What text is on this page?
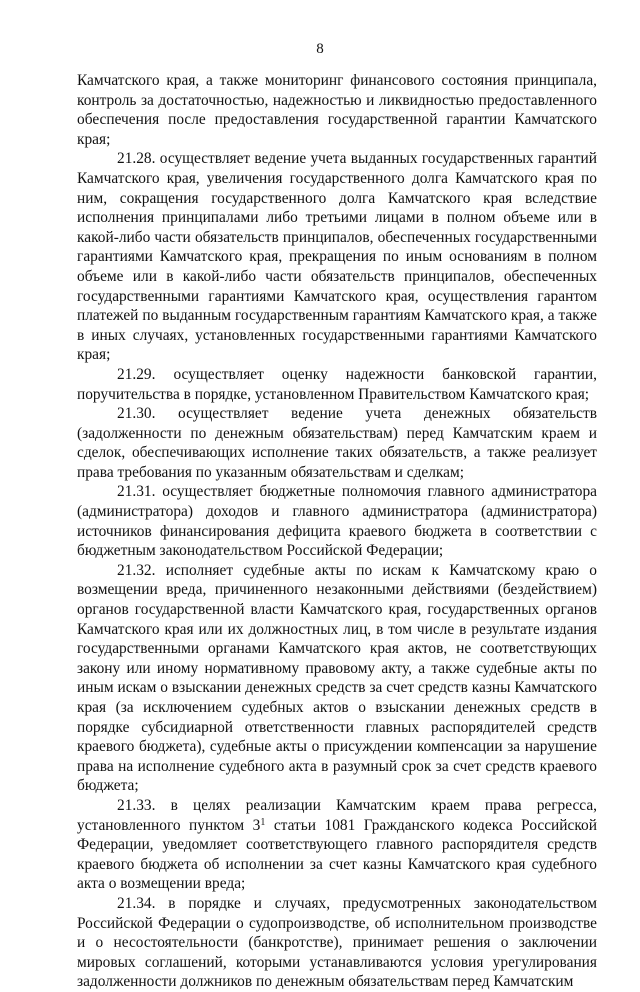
8

Камчатского края, а также мониторинг финансового состояния принципала, контроль за достаточностью, надежностью и ликвидностью предоставленного обеспечения после предоставления государственной гарантии Камчатского края;

21.28. осуществляет ведение учета выданных государственных гарантий Камчатского края, увеличения государственного долга Камчатского края по ним, сокращения государственного долга Камчатского края вследствие исполнения принципалами либо третьими лицами в полном объеме или в какой-либо части обязательств принципалов, обеспеченных государственными гарантиями Камчатского края, прекращения по иным основаниям в полном объеме или в какой-либо части обязательств принципалов, обеспеченных государственными гарантиями Камчатского края, осуществления гарантом платежей по выданным государственным гарантиям Камчатского края, а также в иных случаях, установленных государственными гарантиями Камчатского края;

21.29. осуществляет оценку надежности банковской гарантии, поручительства в порядке, установленном Правительством Камчатского края;

21.30. осуществляет ведение учета денежных обязательств (задолженности по денежным обязательствам) перед Камчатским краем и сделок, обеспечивающих исполнение таких обязательств, а также реализует права требования по указанным обязательствам и сделкам;

21.31. осуществляет бюджетные полномочия главного администратора (администратора) доходов и главного администратора (администратора) источников финансирования дефицита краевого бюджета в соответствии с бюджетным законодательством Российской Федерации;

21.32. исполняет судебные акты по искам к Камчатскому краю о возмещении вреда, причиненного незаконными действиями (бездействием) органов государственной власти Камчатского края, государственных органов Камчатского края или их должностных лиц, в том числе в результате издания государственными органами Камчатского края актов, не соответствующих закону или иному нормативному правовому акту, а также судебные акты по иным искам о взыскании денежных средств за счет средств казны Камчатского края (за исключением судебных актов о взыскании денежных средств в порядке субсидиарной ответственности главных распорядителей средств краевого бюджета), судебные акты о присуждении компенсации за нарушение права на исполнение судебного акта в разумный срок за счет средств краевого бюджета;

21.33. в целях реализации Камчатским краем права регресса, установленного пунктом $3^1$ статьи 1081 Гражданского кодекса Российской Федерации, уведомляет соответствующего главного распорядителя средств краевого бюджета об исполнении за счет казны Камчатского края судебного акта о возмещении вреда;

21.34. в порядке и случаях, предусмотренных законодательством Российской Федерации о судопроизводстве, об исполнительном производстве и о несостоятельности (банкротстве), принимает решения о заключении мировых соглашений, которыми устанавливаются условия урегулирования задолженности должников по денежным обязательствам перед Камчатским
